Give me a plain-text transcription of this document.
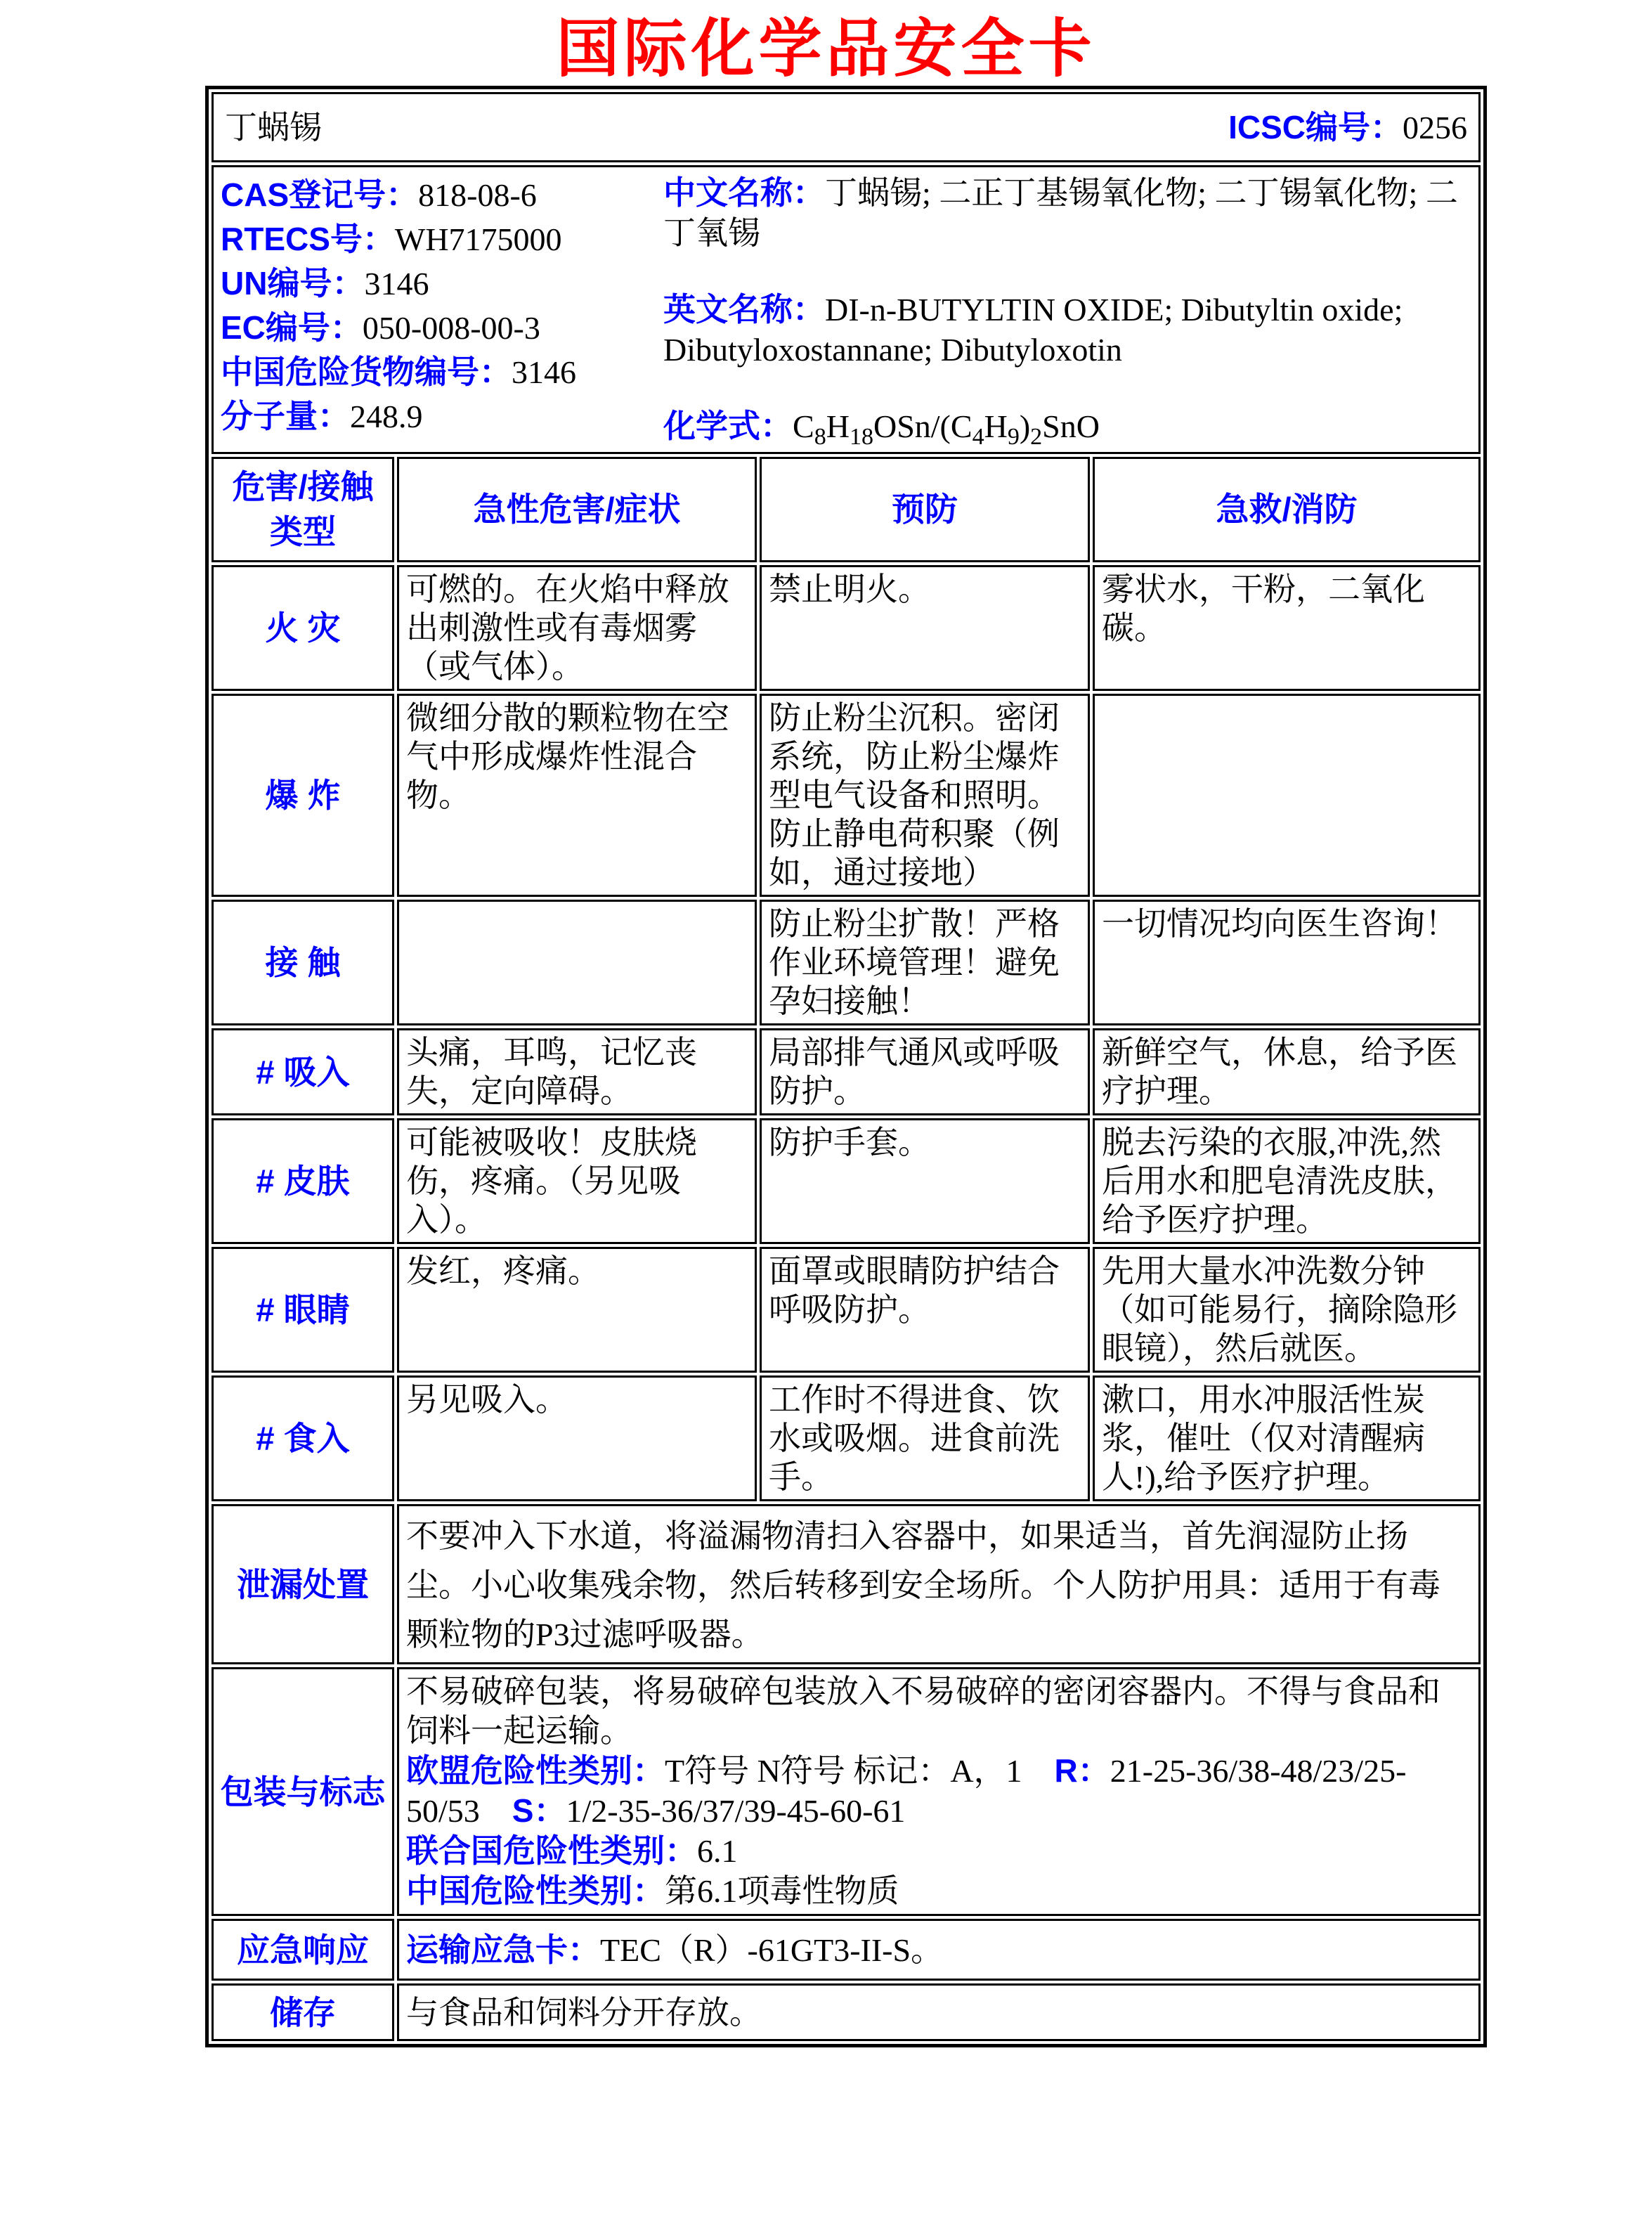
国际化学品安全卡
丁蜗锡 ICSC编号：0256			

CAS登记号：818-08-6
RTECS号：WH7175000
UN编号：3146
EC编号：050-008-00-3
中国危险货物编号：3146
分子量：248.9
中文名称：丁蜗锡; 二正丁基锡氧化物; 二丁锡氧化物; 二丁氧锡
英文名称：DI-n-BUTYLTIN OXIDE; Dibutyltin oxide; Dibutyloxostannane; Dibutyloxotin
化学式：$C_8H_{18}OSn/(C_4H_9)_2SnO$

危害/接触类型	急性危害/症状	预防	急救/消防
火 灾	可燃的。在火焰中释放出刺激性或有毒烟雾（或气体）。	禁止明火。	雾状水，干粉，二氧化碳。
爆 炸	微细分散的颗粒物在空气中形成爆炸性混合物。	防止粉尘沉积。密闭系统，防止粉尘爆炸型电气设备和照明。防止静电荷积聚（例如，通过接地）	
接 触		防止粉尘扩散！严格作业环境管理！避免孕妇接触！	一切情况均向医生咨询！
# 吸入	头痛，耳鸣，记忆丧失，定向障碍。	局部排气通风或呼吸防护。	新鲜空气，休息，给予医疗护理。
# 皮肤	可能被吸收！皮肤烧伤，疼痛。（另见吸入）。	防护手套。	脱去污染的衣服,冲洗,然后用水和肥皂清洗皮肤，给予医疗护理。
# 眼睛	发红，疼痛。	面罩或眼睛防护结合呼吸防护。	先用大量水冲洗数分钟（如可能易行，摘除隐形眼镜），然后就医。
# 食入	另见吸入。	工作时不得进食、饮水或吸烟。进食前洗手。	漱口，用水冲服活性炭浆，催吐（仅对清醒病人!),给予医疗护理。
泄漏处置	不要冲入下水道，将溢漏物清扫入容器中，如果适当，首先润湿防止扬尘。小心收集残余物，然后转移到安全场所。个人防护用具：适用于有毒颗粒物的P3过滤呼吸器。		
包装与标志	不易破碎包装，将易破碎包装放入不易破碎的密闭容器内。不得与食品和饲料一起运输。
欧盟危险性类别：T符号 N符号 标记：A，1　R：21-25-36/38-48/23/25-50/53　S：1/2-35-36/37/39-45-60-61
联合国危险性类别：6.1
中国危险性类别：第6.1项毒性物质		
应急响应	运输应急卡：TEC（R）-61GT3-II-S。		
储存	与食品和饲料分开存放。		
